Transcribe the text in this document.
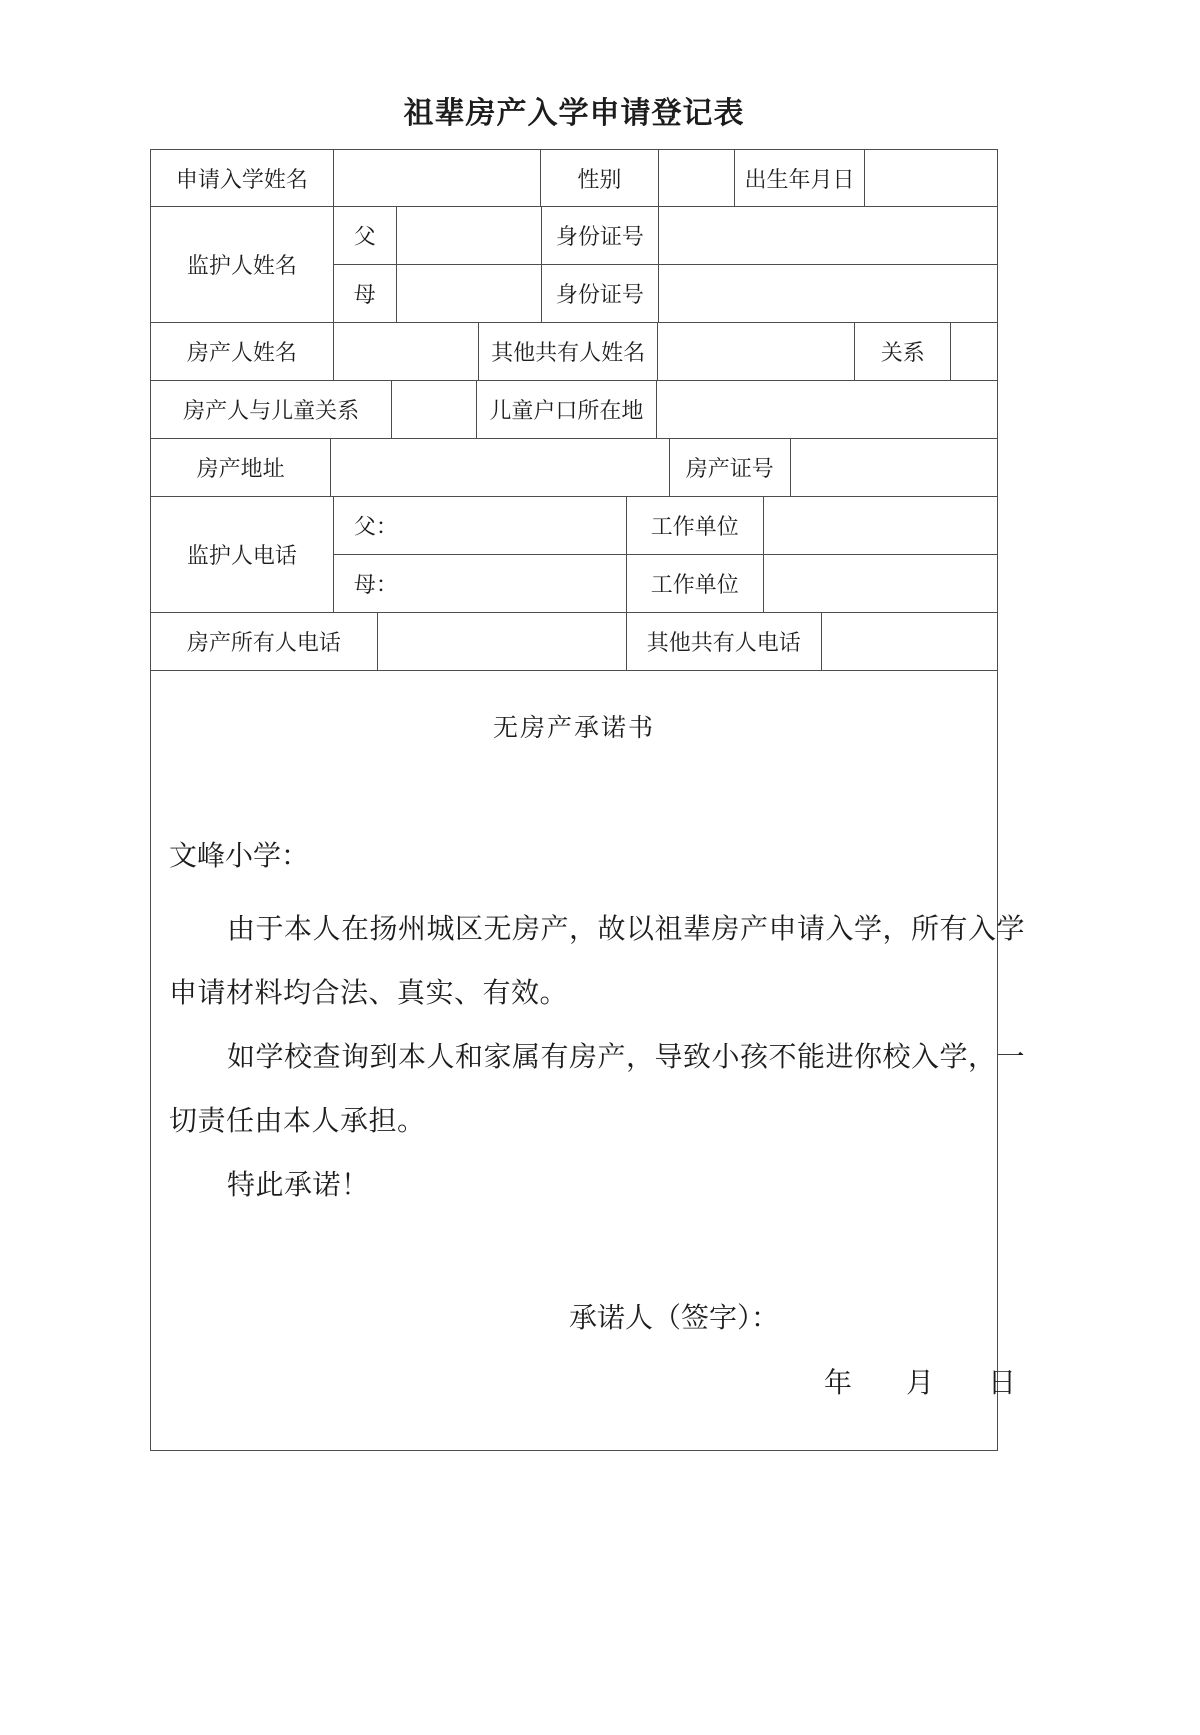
祖辈房产入学申请登记表
申请入学姓名	性别	出生年月日
监护人姓名
父	身份证号
母	身份证号
房产人姓名	其他共有人姓名	关系
房产人与儿童关系	儿童户口所在地
房产地址	房产证号
监护人电话
父：	工作单位
母：	工作单位
房产所有人电话	其他共有人电话
无房产承诺书
文峰小学：
由于本人在扬州城区无房产，故以祖辈房产申请入学，所有入学
申请材料均合法、真实、有效。
如学校查询到本人和家属有房产，导致小孩不能进你校入学，一
切责任由本人承担。
特此承诺！
承诺人（签字）：
年 月 日
